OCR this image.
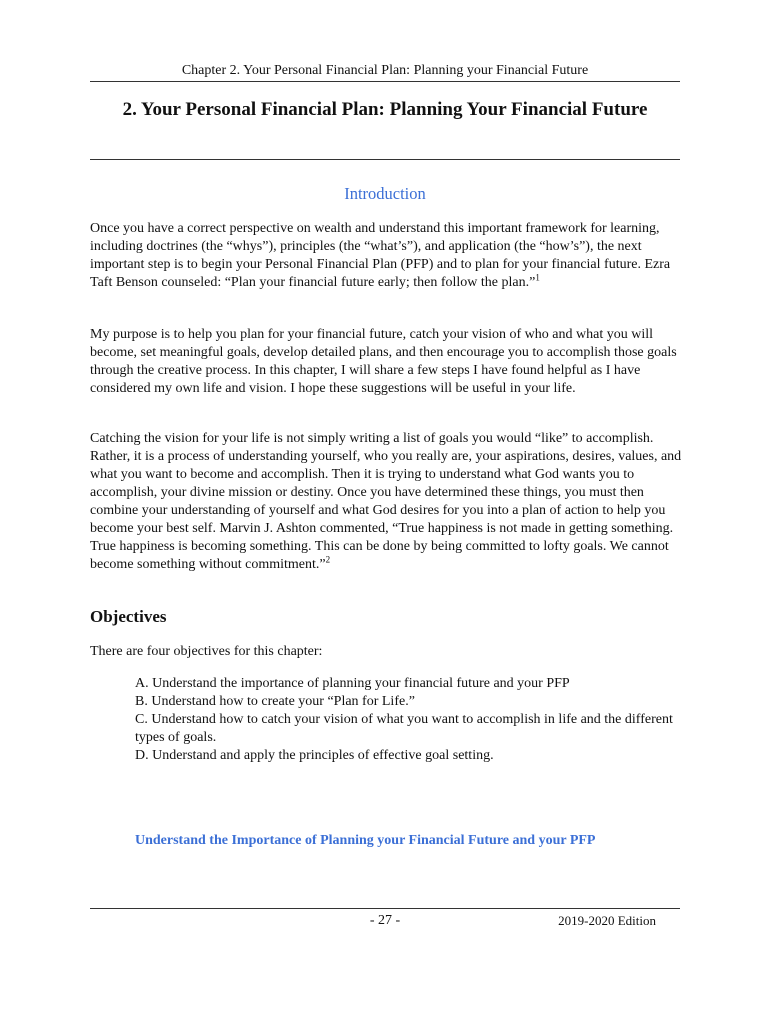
Chapter 2. Your Personal Financial Plan: Planning your Financial Future
2. Your Personal Financial Plan: Planning Your Financial Future
Introduction

Once you have a correct perspective on wealth and understand this important framework for learning, including doctrines (the “whys”), principles (the “what’s”), and application (the “how’s”), the next important step is to begin your Personal Financial Plan (PFP) and to plan for your financial future. Ezra Taft Benson counseled: “Plan your financial future early; then follow the plan.”$^1$

My purpose is to help you plan for your financial future, catch your vision of who and what you will become, set meaningful goals, develop detailed plans, and then encourage you to accomplish those goals through the creative process. In this chapter, I will share a few steps I have found helpful as I have considered my own life and vision. I hope these suggestions will be useful in your life.

Catching the vision for your life is not simply writing a list of goals you would “like” to accomplish. Rather, it is a process of understanding yourself, who you really are, your aspirations, desires, values, and what you want to become and accomplish. Then it is trying to understand what God wants you to accomplish, your divine mission or destiny. Once you have determined these things, you must then combine your understanding of yourself and what God desires for you into a plan of action to help you become your best self. Marvin J. Ashton commented, “True happiness is not made in getting something. True happiness is becoming something. This can be done by being committed to lofty goals. We cannot become something without commitment.”$^2$

Objectives

There are four objectives for this chapter:

A. Understand the importance of planning your financial future and your PFP
B. Understand how to create your “Plan for Life.”
C. Understand how to catch your vision of what you want to accomplish in life and the different types of goals.
D. Understand and apply the principles of effective goal setting.
Understand the Importance of Planning your Financial Future and your PFP
- 27 -	2019-2020 Edition
